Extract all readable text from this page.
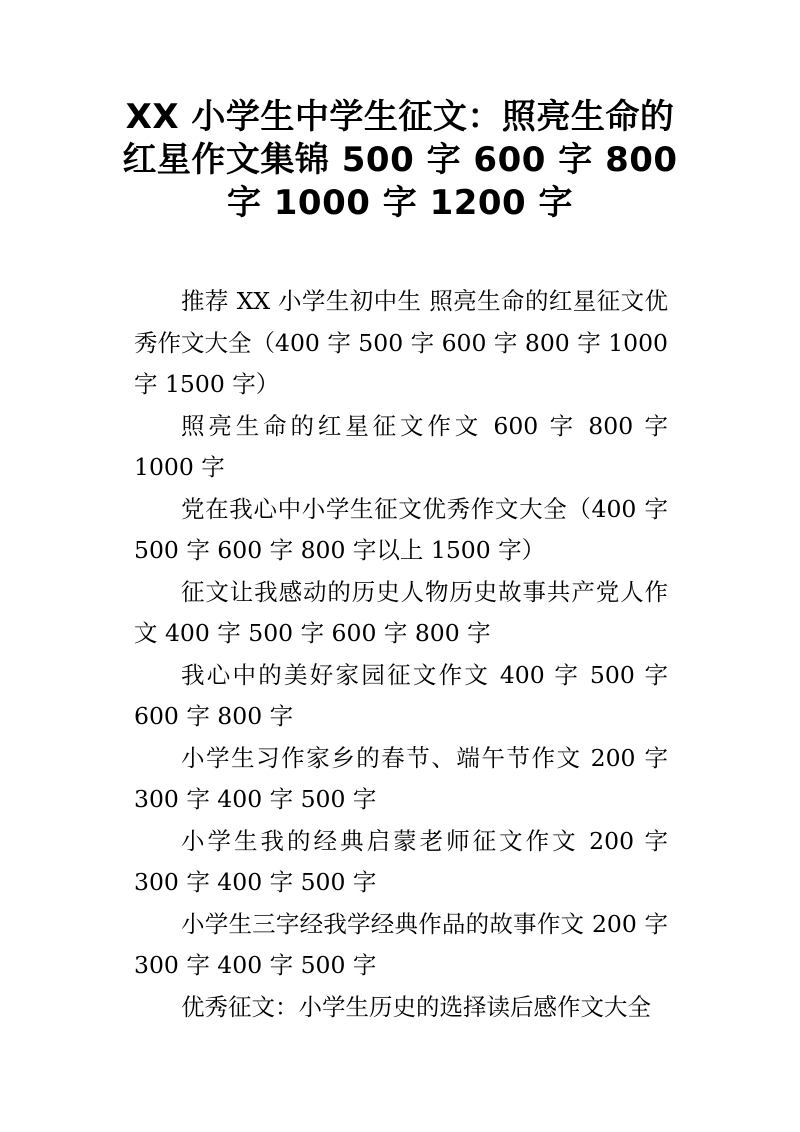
XX 小学生中学生征文：照亮生命的红星作文集锦 500 字 600 字 800 字 1000 字 1200 字

推荐 XX 小学生初中生 照亮生命的红星征文优秀作文大全（400 字 500 字 600 字 800 字 1000 字 1500 字）

照亮生命的红星征文作文 600 字 800 字 1000 字

党在我心中小学生征文优秀作文大全（400 字 500 字 600 字 800 字以上 1500 字）

征文让我感动的历史人物历史故事共产党人作文 400 字 500 字 600 字 800 字

我心中的美好家园征文作文 400 字 500 字 600 字 800 字

小学生习作家乡的春节、端午节作文 200 字 300 字 400 字 500 字

小学生我的经典启蒙老师征文作文 200 字 300 字 400 字 500 字

小学生三字经我学经典作品的故事作文 200 字 300 字 400 字 500 字

优秀征文：小学生历史的选择读后感作文大全
